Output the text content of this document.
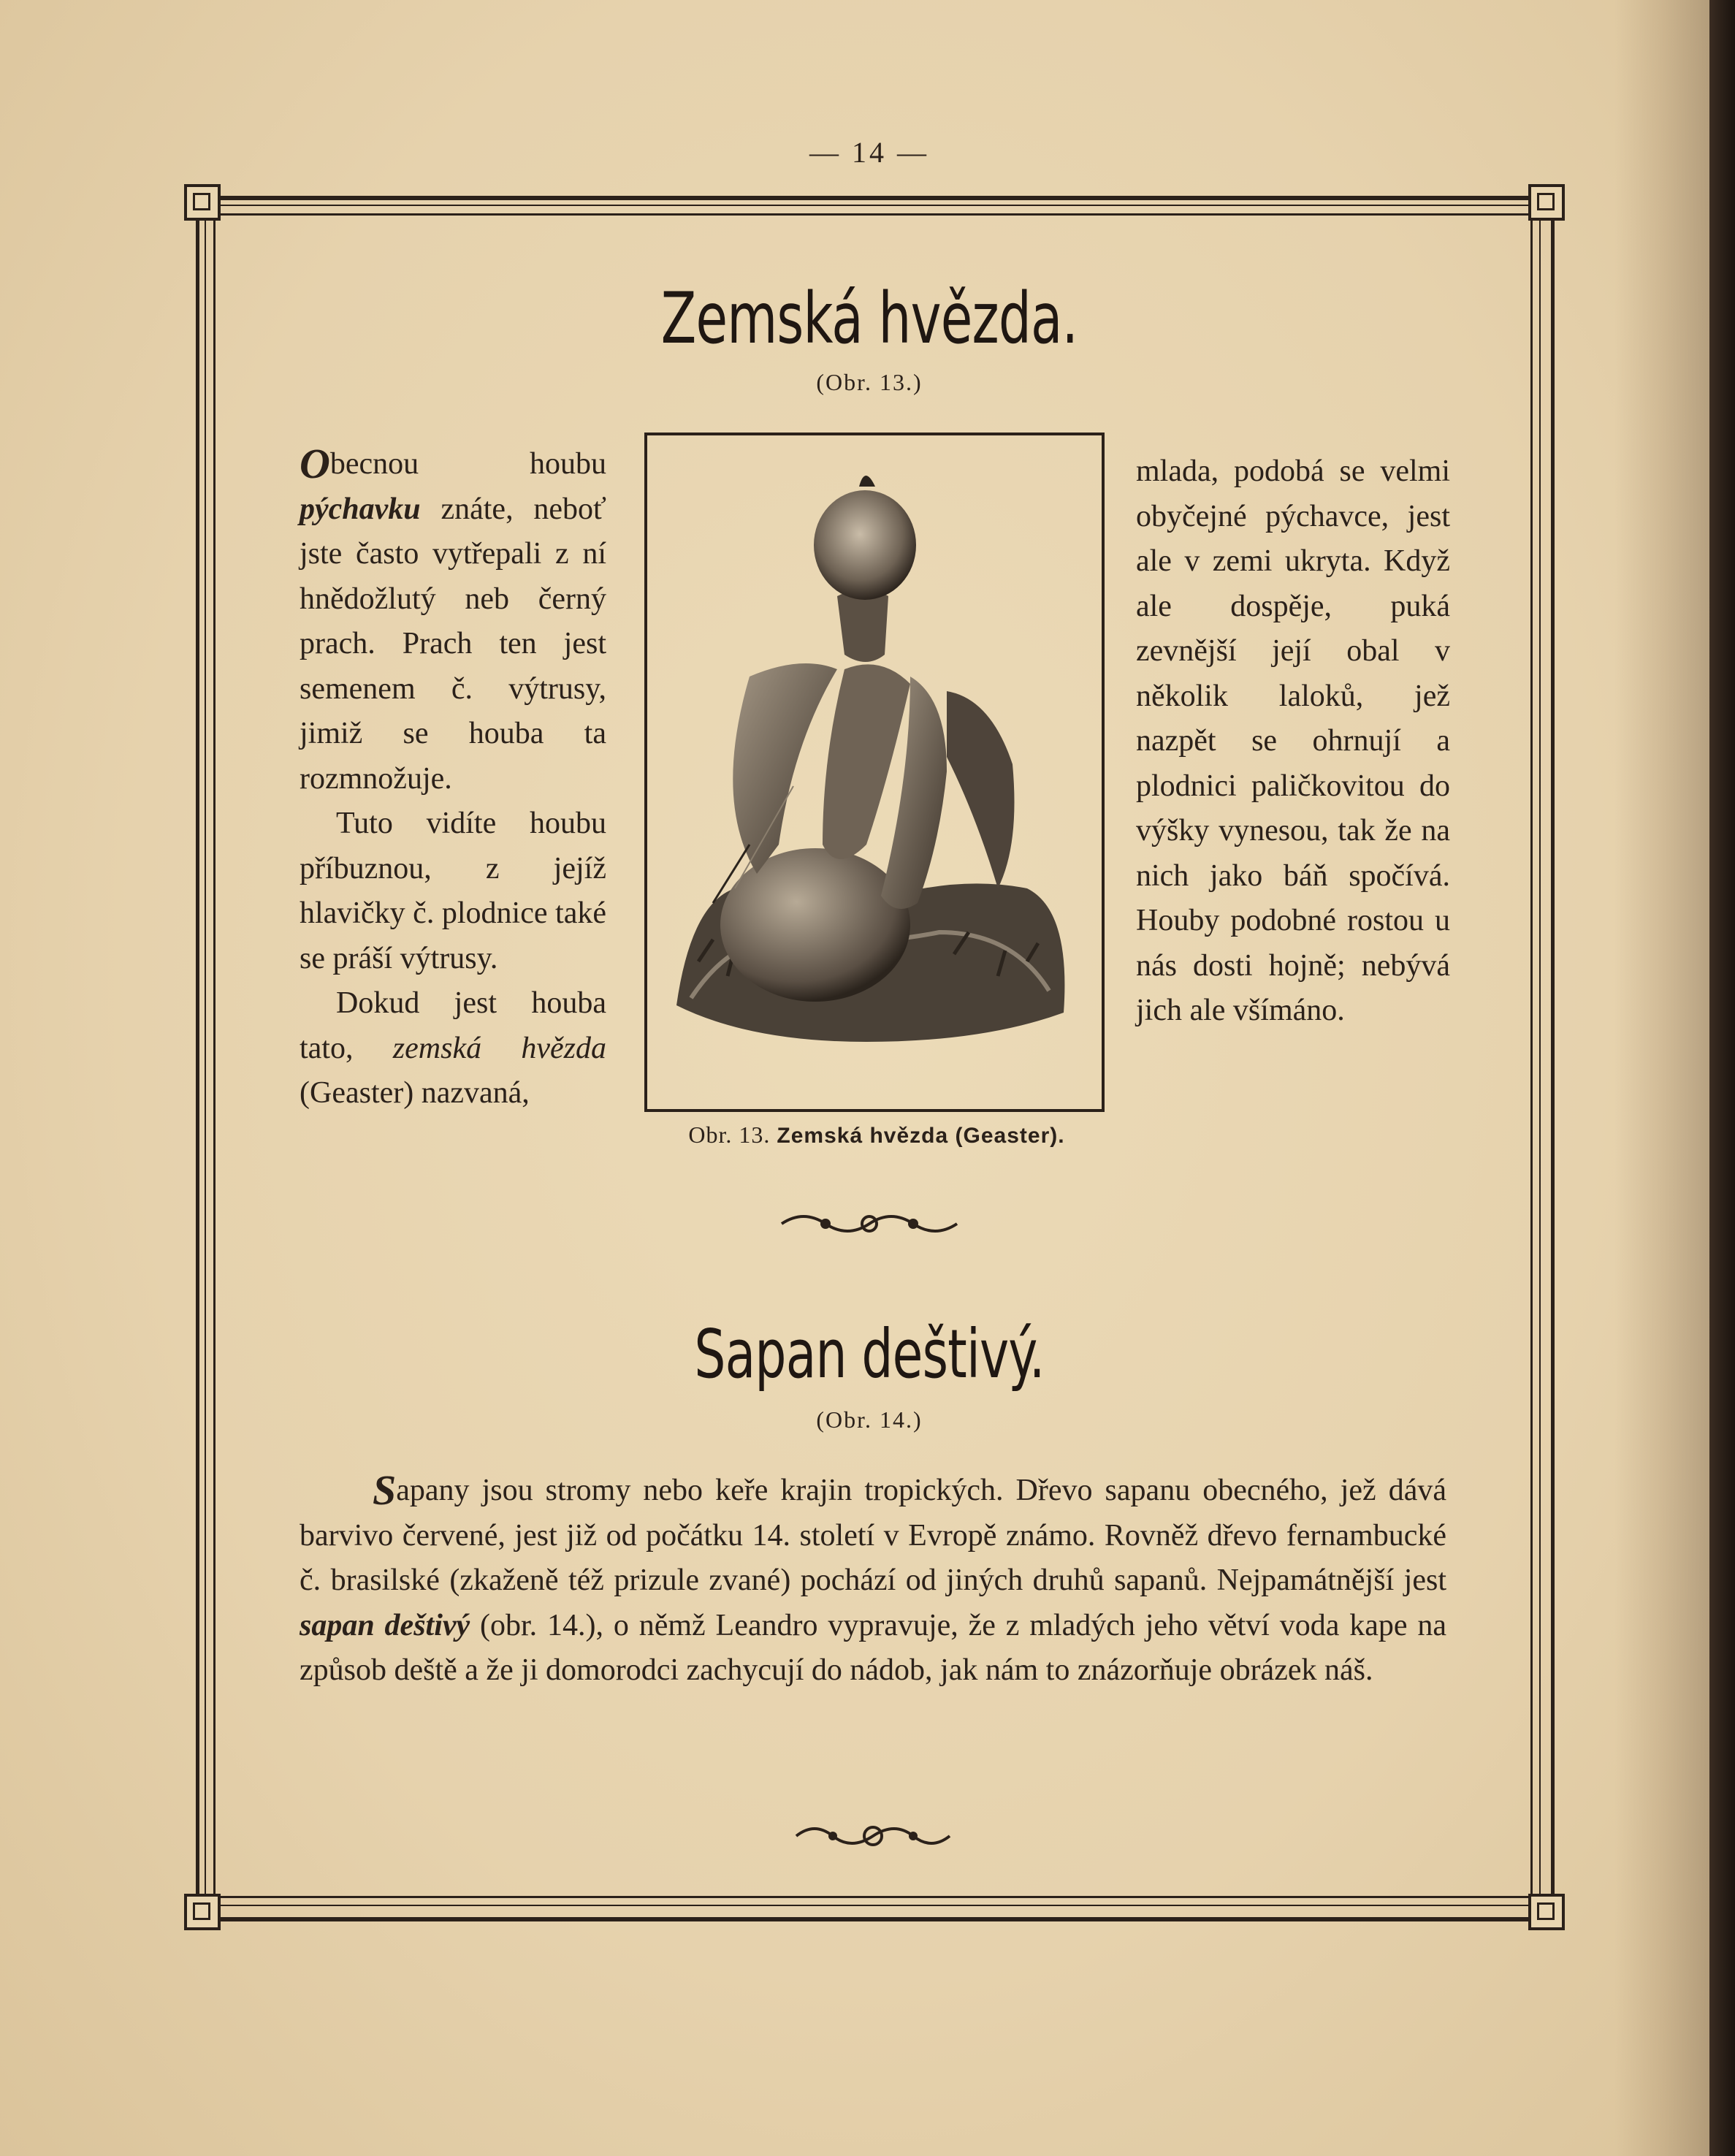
— 14 —
Zemská hvězda.
(Obr. 13.)

Obecnou houbu pýchavku znáte, neboť jste často vytřepali z ní hnědožlutý neb černý prach. Prach ten jest semenem č. výtrusy, jimiž se houba ta rozmnožuje.

Tuto vidíte houbu příbuznou, z jejíž hlavičky č. plodnice také se práší výtrusy.

Dokud jest houba tato, zemská hvězda (Geaster) nazvaná,

Obr. 13. Zemská hvězda (Geaster).
mlada, podobá se velmi obyčejné pýchavce, jest ale v zemi ukryta. Když ale dospěje, puká zevnější její obal v několik laloků, jež nazpět se ohrnují a plodnici paličkovitou do výšky vynesou, tak že na nich jako báň spočívá. Houby podobné rostou u nás dosti hojně; nebývá jich ale všímáno.
Sapan deštivý.
(Obr. 14.)

Sapany jsou stromy nebo keře krajin tropických. Dřevo sapanu obecného, jež dává barvivo červené, jest již od počátku 14. století v Evropě známo. Rovněž dřevo fernambucké č. brasilské (zkaženě též prizule zvané) pochází od jiných druhů sapanů. Nejpamátnější jest sapan deštivý (obr. 14.), o němž Leandro vypravuje, že z mladých jeho větví voda kape na způsob deště a že ji domorodci zachycují do nádob, jak nám to znázorňuje obrázek náš.
